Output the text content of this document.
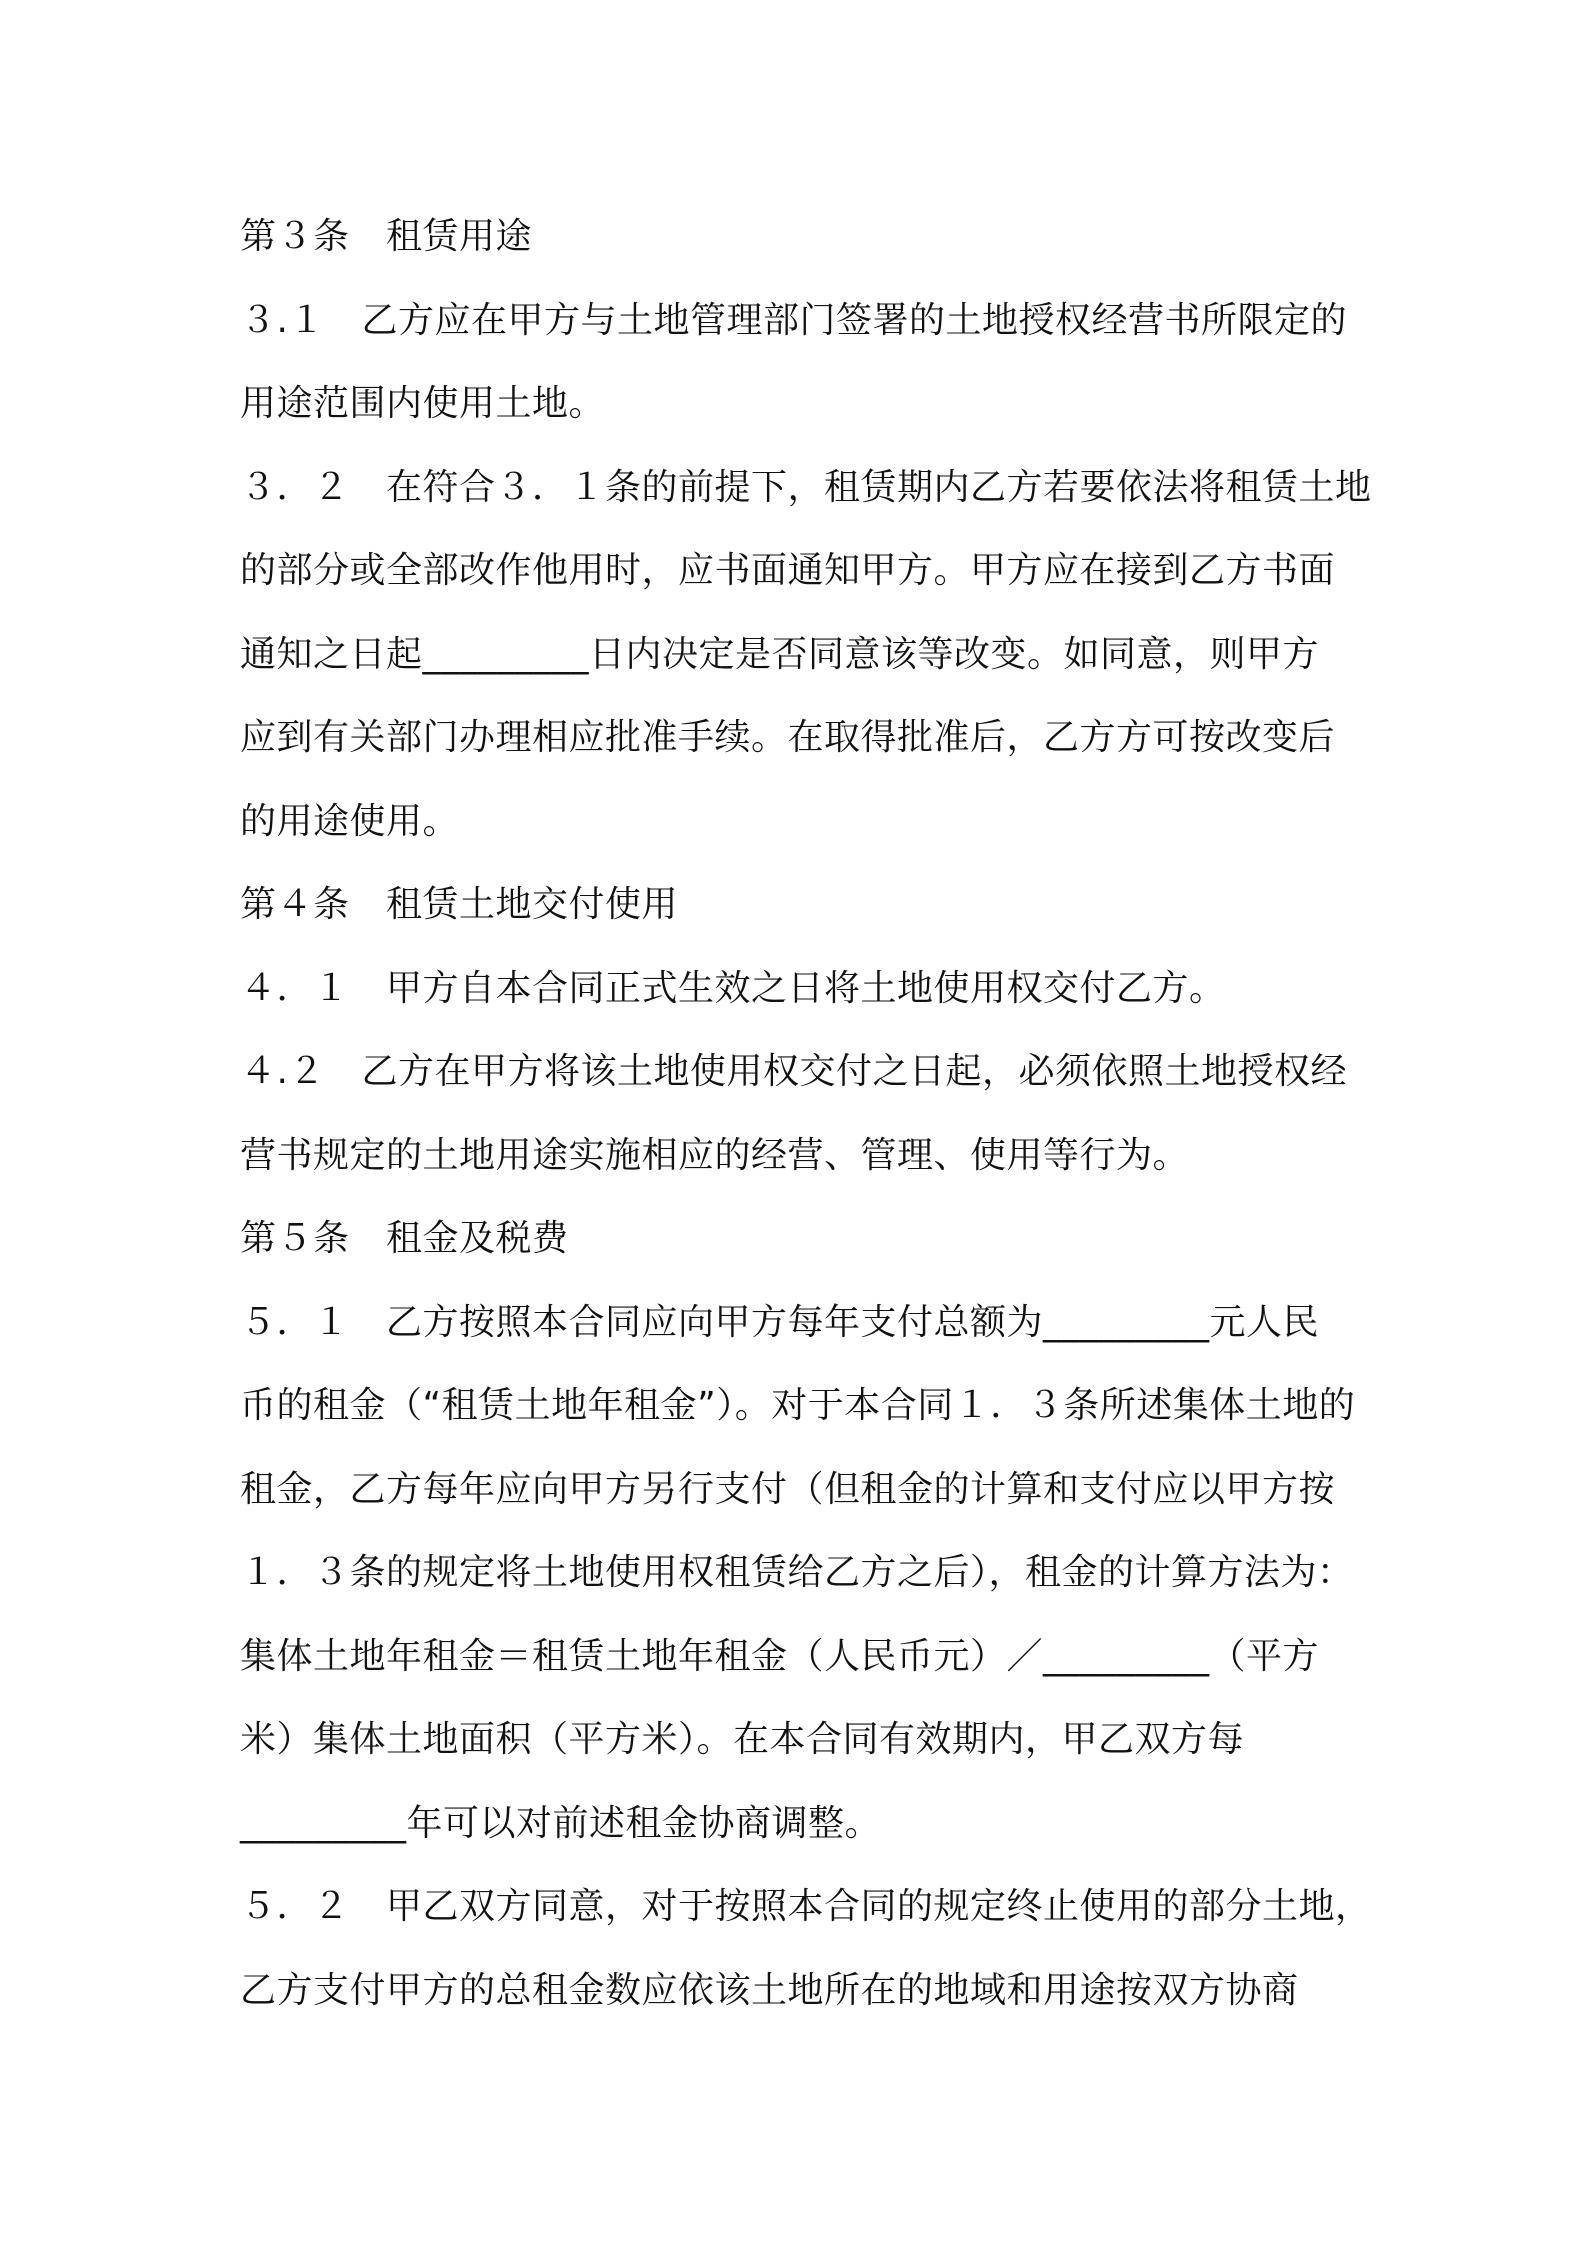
第３条　租赁用途
３.１　乙方应在甲方与土地管理部门签署的土地授权经营书所限定的
用途范围内使用土地。
３．２　在符合３．１条的前提下，租赁期内乙方若要依法将租赁土地
的部分或全部改作他用时，应书面通知甲方。甲方应在接到乙方书面
通知之日起_________日内决定是否同意该等改变。如同意，则甲方
应到有关部门办理相应批准手续。在取得批准后，乙方方可按改变后
的用途使用。
第４条　租赁土地交付使用
４．１　甲方自本合同正式生效之日将土地使用权交付乙方。
４.２　乙方在甲方将该土地使用权交付之日起，必须依照土地授权经
营书规定的土地用途实施相应的经营、管理、使用等行为。
第５条　租金及税费
５．１　乙方按照本合同应向甲方每年支付总额为_________元人民
币的租金（“租赁土地年租金”）。对于本合同１．３条所述集体土地的
租金，乙方每年应向甲方另行支付（但租金的计算和支付应以甲方按
１．３条的规定将土地使用权租赁给乙方之后），租金的计算方法为：
集体土地年租金＝租赁土地年租金（人民币元）／_________（平方
米）集体土地面积（平方米）。在本合同有效期内，甲乙双方每
_________年可以对前述租金协商调整。
５．２　甲乙双方同意，对于按照本合同的规定终止使用的部分土地，
乙方支付甲方的总租金数应依该土地所在的地域和用途按双方协商
